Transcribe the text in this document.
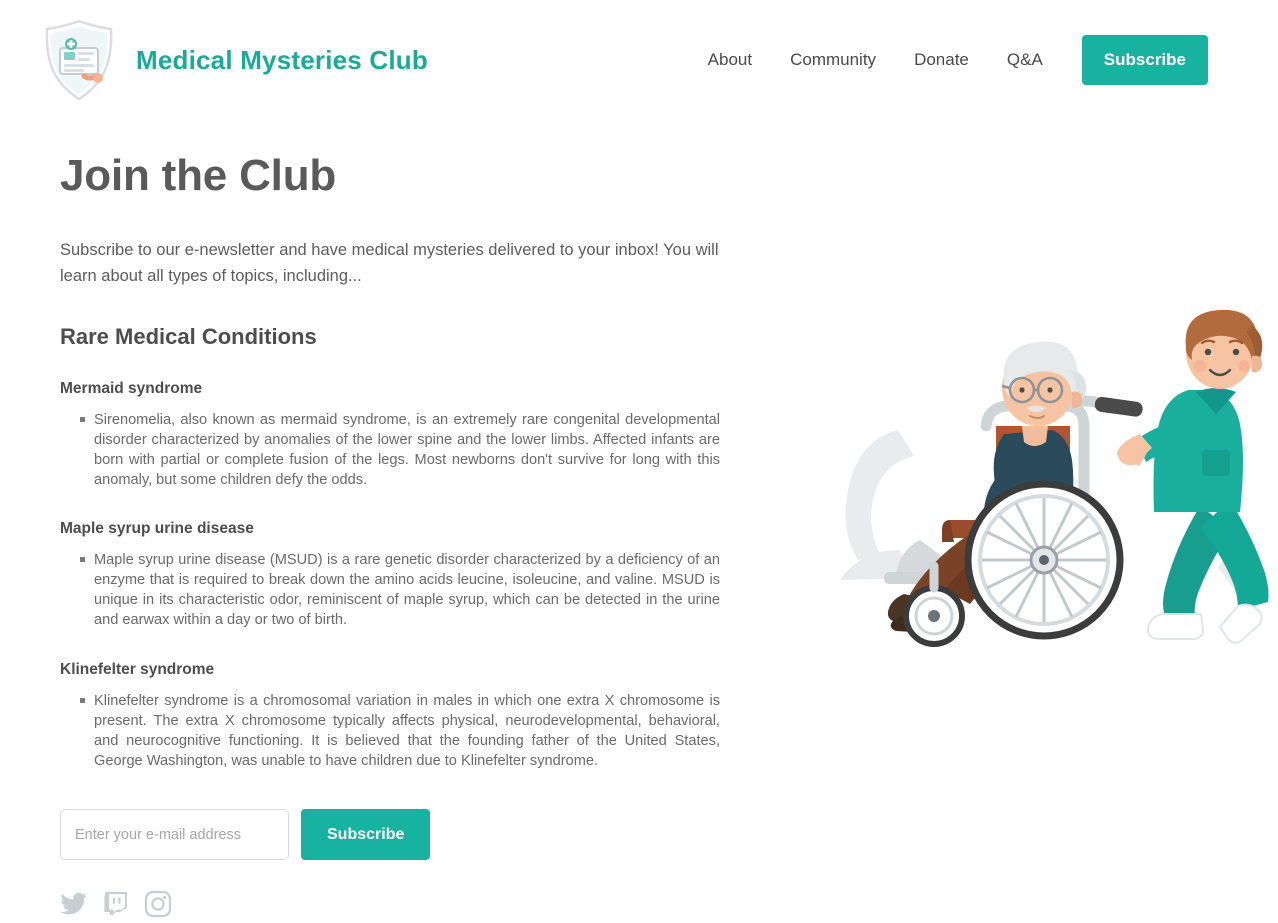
Medical Mysteries Club	About	Community	Donate	Q&A	Subscribe
Join the Club

Subscribe to our e-newsletter and have medical mysteries delivered to your inbox! You will learn about all types of topics, including...

Rare Medical Conditions
Mermaid syndrome
Sirenomelia, also known as mermaid syndrome, is an extremely rare congenital developmental disorder characterized by anomalies of the lower spine and the lower limbs. Affected infants are born with partial or complete fusion of the legs. Most newborns don't survive for long with this anomaly, but some children defy the odds.
Maple syrup urine disease
Maple syrup urine disease (MSUD) is a rare genetic disorder characterized by a deficiency of an enzyme that is required to break down the amino acids leucine, isoleucine, and valine. MSUD is unique in its characteristic odor, reminiscent of maple syrup, which can be detected in the urine and earwax within a day or two of birth.
Klinefelter syndrome
Klinefelter syndrome is a chromosomal variation in males in which one extra X chromosome is present. The extra X chromosome typically affects physical, neurodevelopmental, behavioral, and neurocognitive functioning. It is believed that the founding father of the United States, George Washington, was unable to have children due to Klinefelter syndrome.
Enter your e-mail address
Subscribe
